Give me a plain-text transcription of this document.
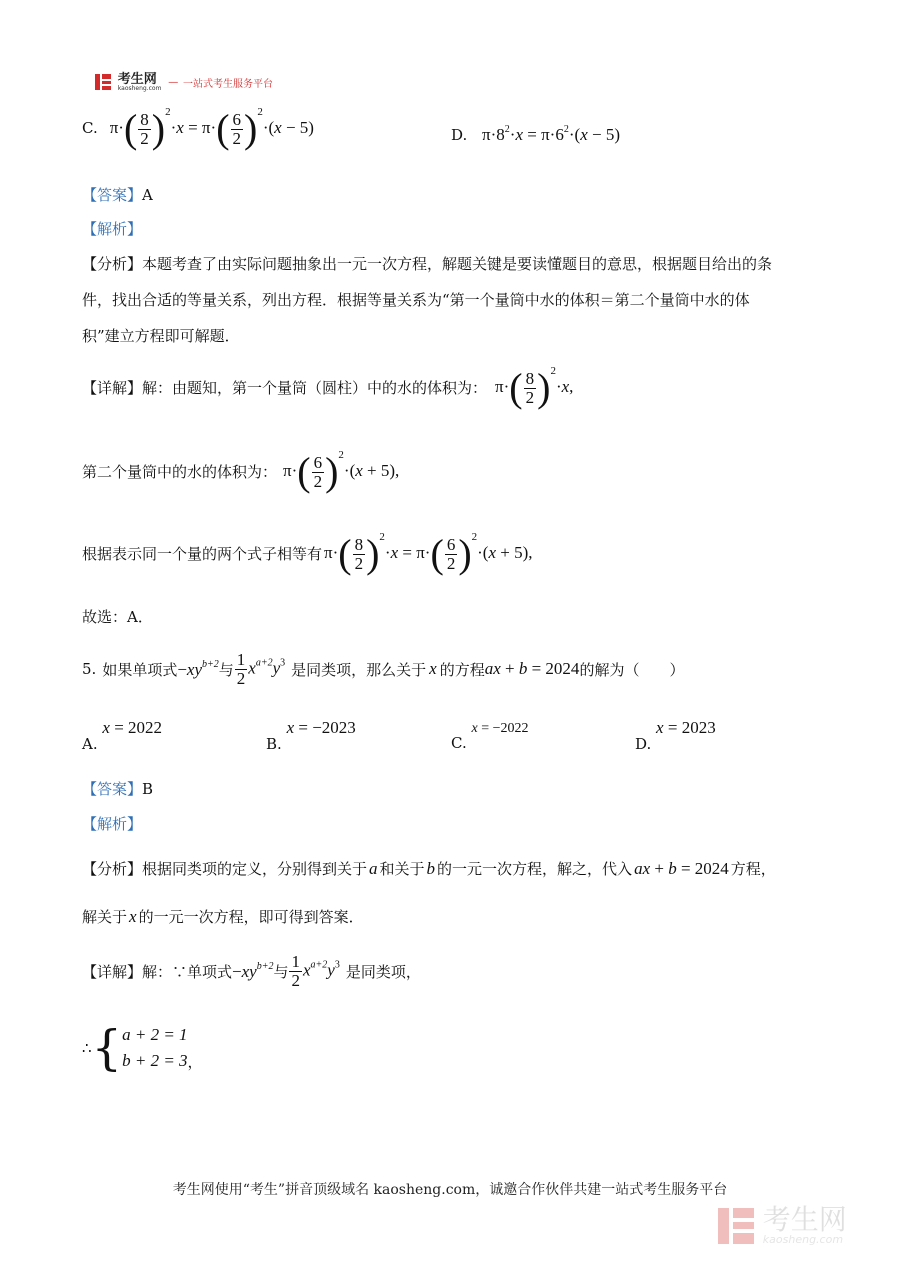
考生网
kaosheng.com
— 一站式考生服务平台
C. $\pi\cdot( \frac{8}{2} )^2\cdot x = \pi\cdot( \frac{6}{2} )^2\cdot(x - 5)$	D. $\pi\cdot 8^2\cdot x = \pi\cdot 6^2\cdot(x - 5)$
【答案】A
【解析】
【分析】本题考查了由实际问题抽象出一元一次方程，解题关键是要读懂题目的意思，根据题目给出的条
件，找出合适的等量关系，列出方程．根据等量关系为“第一个量筒中水的体积＝第二个量筒中水的体
积”建立方程即可解题．
【详解】 解：由题知，第一个量筒（圆柱）中的水的体积为： $\pi\cdot( \frac{8}{2} )^2\cdot x$,
第二个量筒中的水的体积为： $\pi\cdot( \frac{6}{2} )^2\cdot(x + 5)$,
根据表示同一个量的两个式子相等有 $\pi\cdot( \frac{8}{2} )^2\cdot x = \pi\cdot( \frac{6}{2} )^2\cdot(x + 5)$,
故选：A．
5. 如果单项式 $-xy^{b+2}$ 与 $\frac{1}{2} x^{a+2}y^3$ 是同类项，那么关于 x 的方程 ax + b = 2024 的解为（　　）
A. x = 2022
B. x = −2023
C. x = −2022
D. x = 2023
【答案】B
【解析】
【分析】根据同类项的定义，分别得到关于 a 和关于 b 的一元一次方程，解之，代入 ax + b = 2024 方程，
解关于 x 的一元一次方程，即可得到答案．
【详解】 解：∵单项式 $-xy^{b+2}$ 与 $\frac{1}{2} x^{a+2}y^3$ 是同类项，
∴ { a + 2 = 1
b + 2 = 3 ，
考生网使用“考生”拼音顶级域名 kaosheng.com，诚邀合作伙伴共建一站式考生服务平台

考生网
kaosheng.com
